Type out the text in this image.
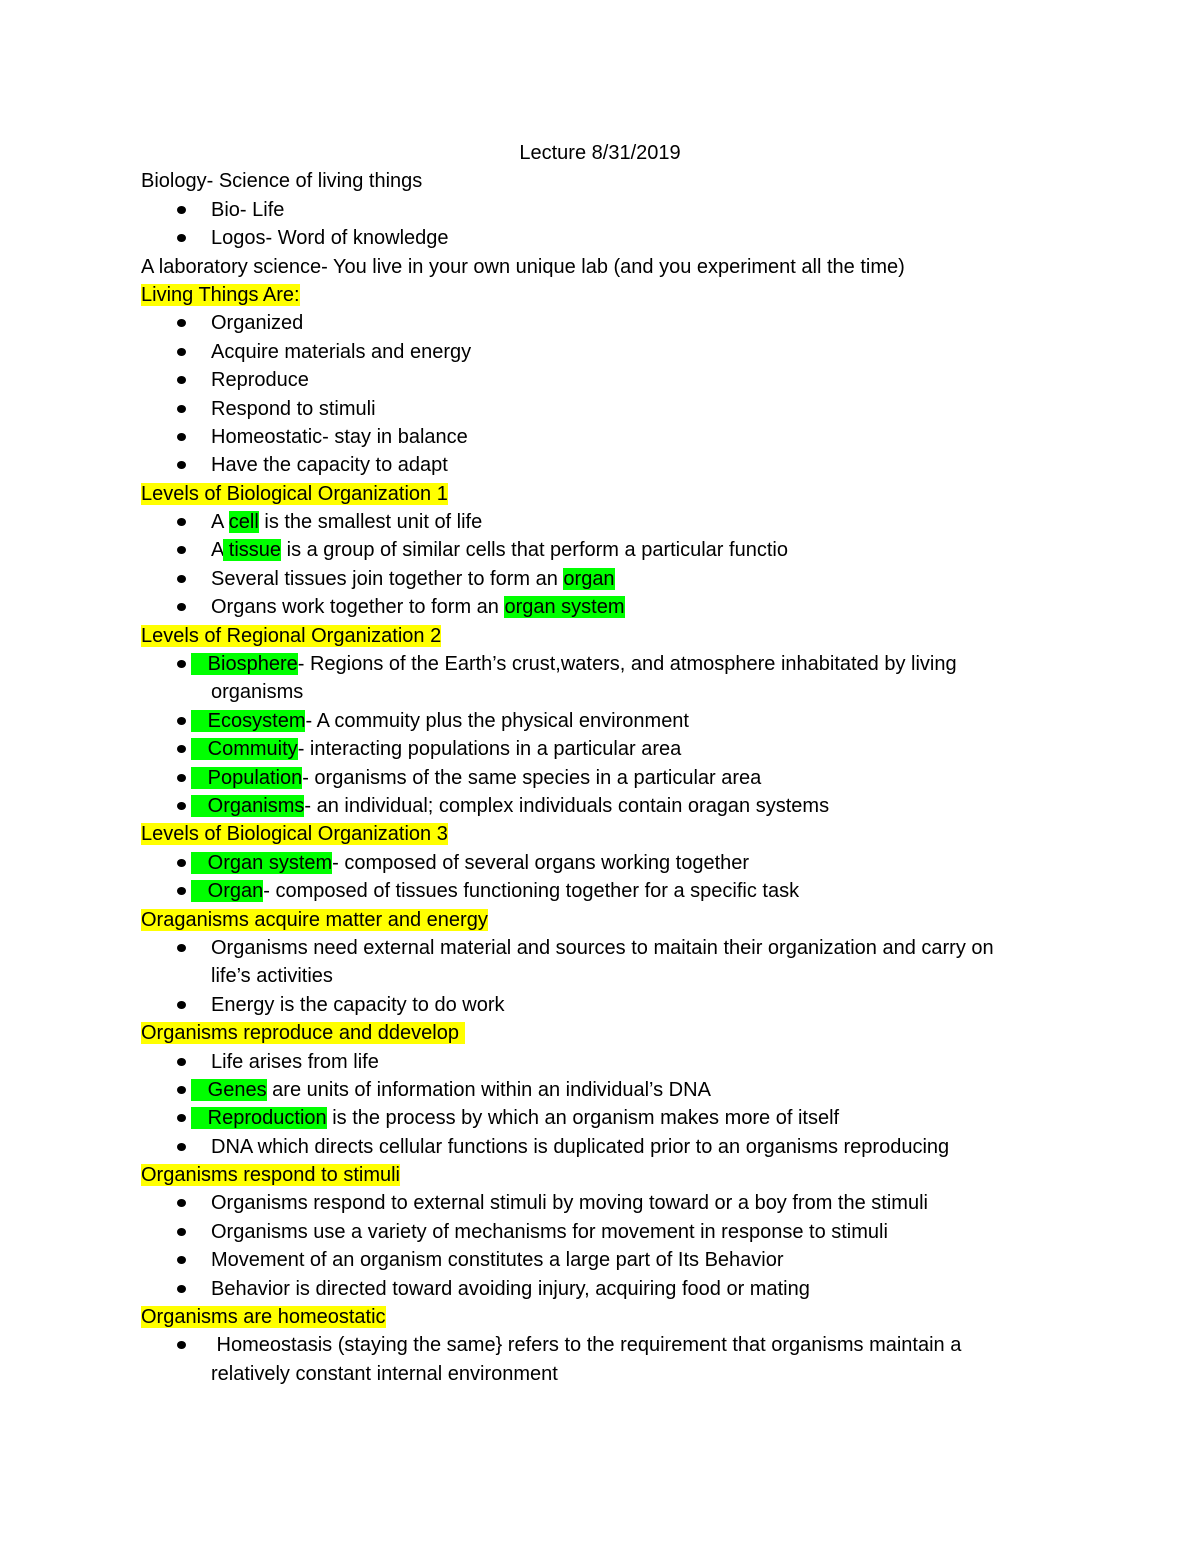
Lecture 8/31/2019
Biology- Science of living things
Bio- Life
Logos- Word of knowledge
A laboratory science- You live in your own unique lab (and you experiment all the time)
Living Things Are:
Organized
Acquire materials and energy
Reproduce
Respond to stimuli
Homeostatic- stay in balance
Have the capacity to adapt
Levels of Biological Organization 1
A cell is the smallest unit of life
A tissue is a group of similar cells that perform a particular functio
Several tissues join together to form an organ
Organs work together to form an organ system
Levels of Regional Organization 2
Biosphere- Regions of the Earth’s crust,waters, and atmosphere inhabitated by living
organisms
Ecosystem- A commuity plus the physical environment
Commuity- interacting populations in a particular area
Population- organisms of the same species in a particular area
Organisms- an individual; complex individuals contain oragan systems
Levels of Biological Organization 3
Organ system- composed of several organs working together
Organ- composed of tissues functioning together for a specific task
Oraganisms acquire matter and energy
Organisms need external material and sources to maitain their organization and carry on
life’s activities
Energy is the capacity to do work
Organisms reproduce and ddevelop
Life arises from life
Genes are units of information within an individual’s DNA
Reproduction is the process by which an organism makes more of itself
DNA which directs cellular functions is duplicated prior to an organisms reproducing
Organisms respond to stimuli
Organisms respond to external stimuli by moving toward or a boy from the stimuli
Organisms use a variety of mechanisms for movement in response to stimuli
Movement of an organism constitutes a large part of Its Behavior
Behavior is directed toward avoiding injury, acquiring food or mating
Organisms are homeostatic
Homeostasis (staying the same} refers to the requirement that organisms maintain a
relatively constant internal environment
